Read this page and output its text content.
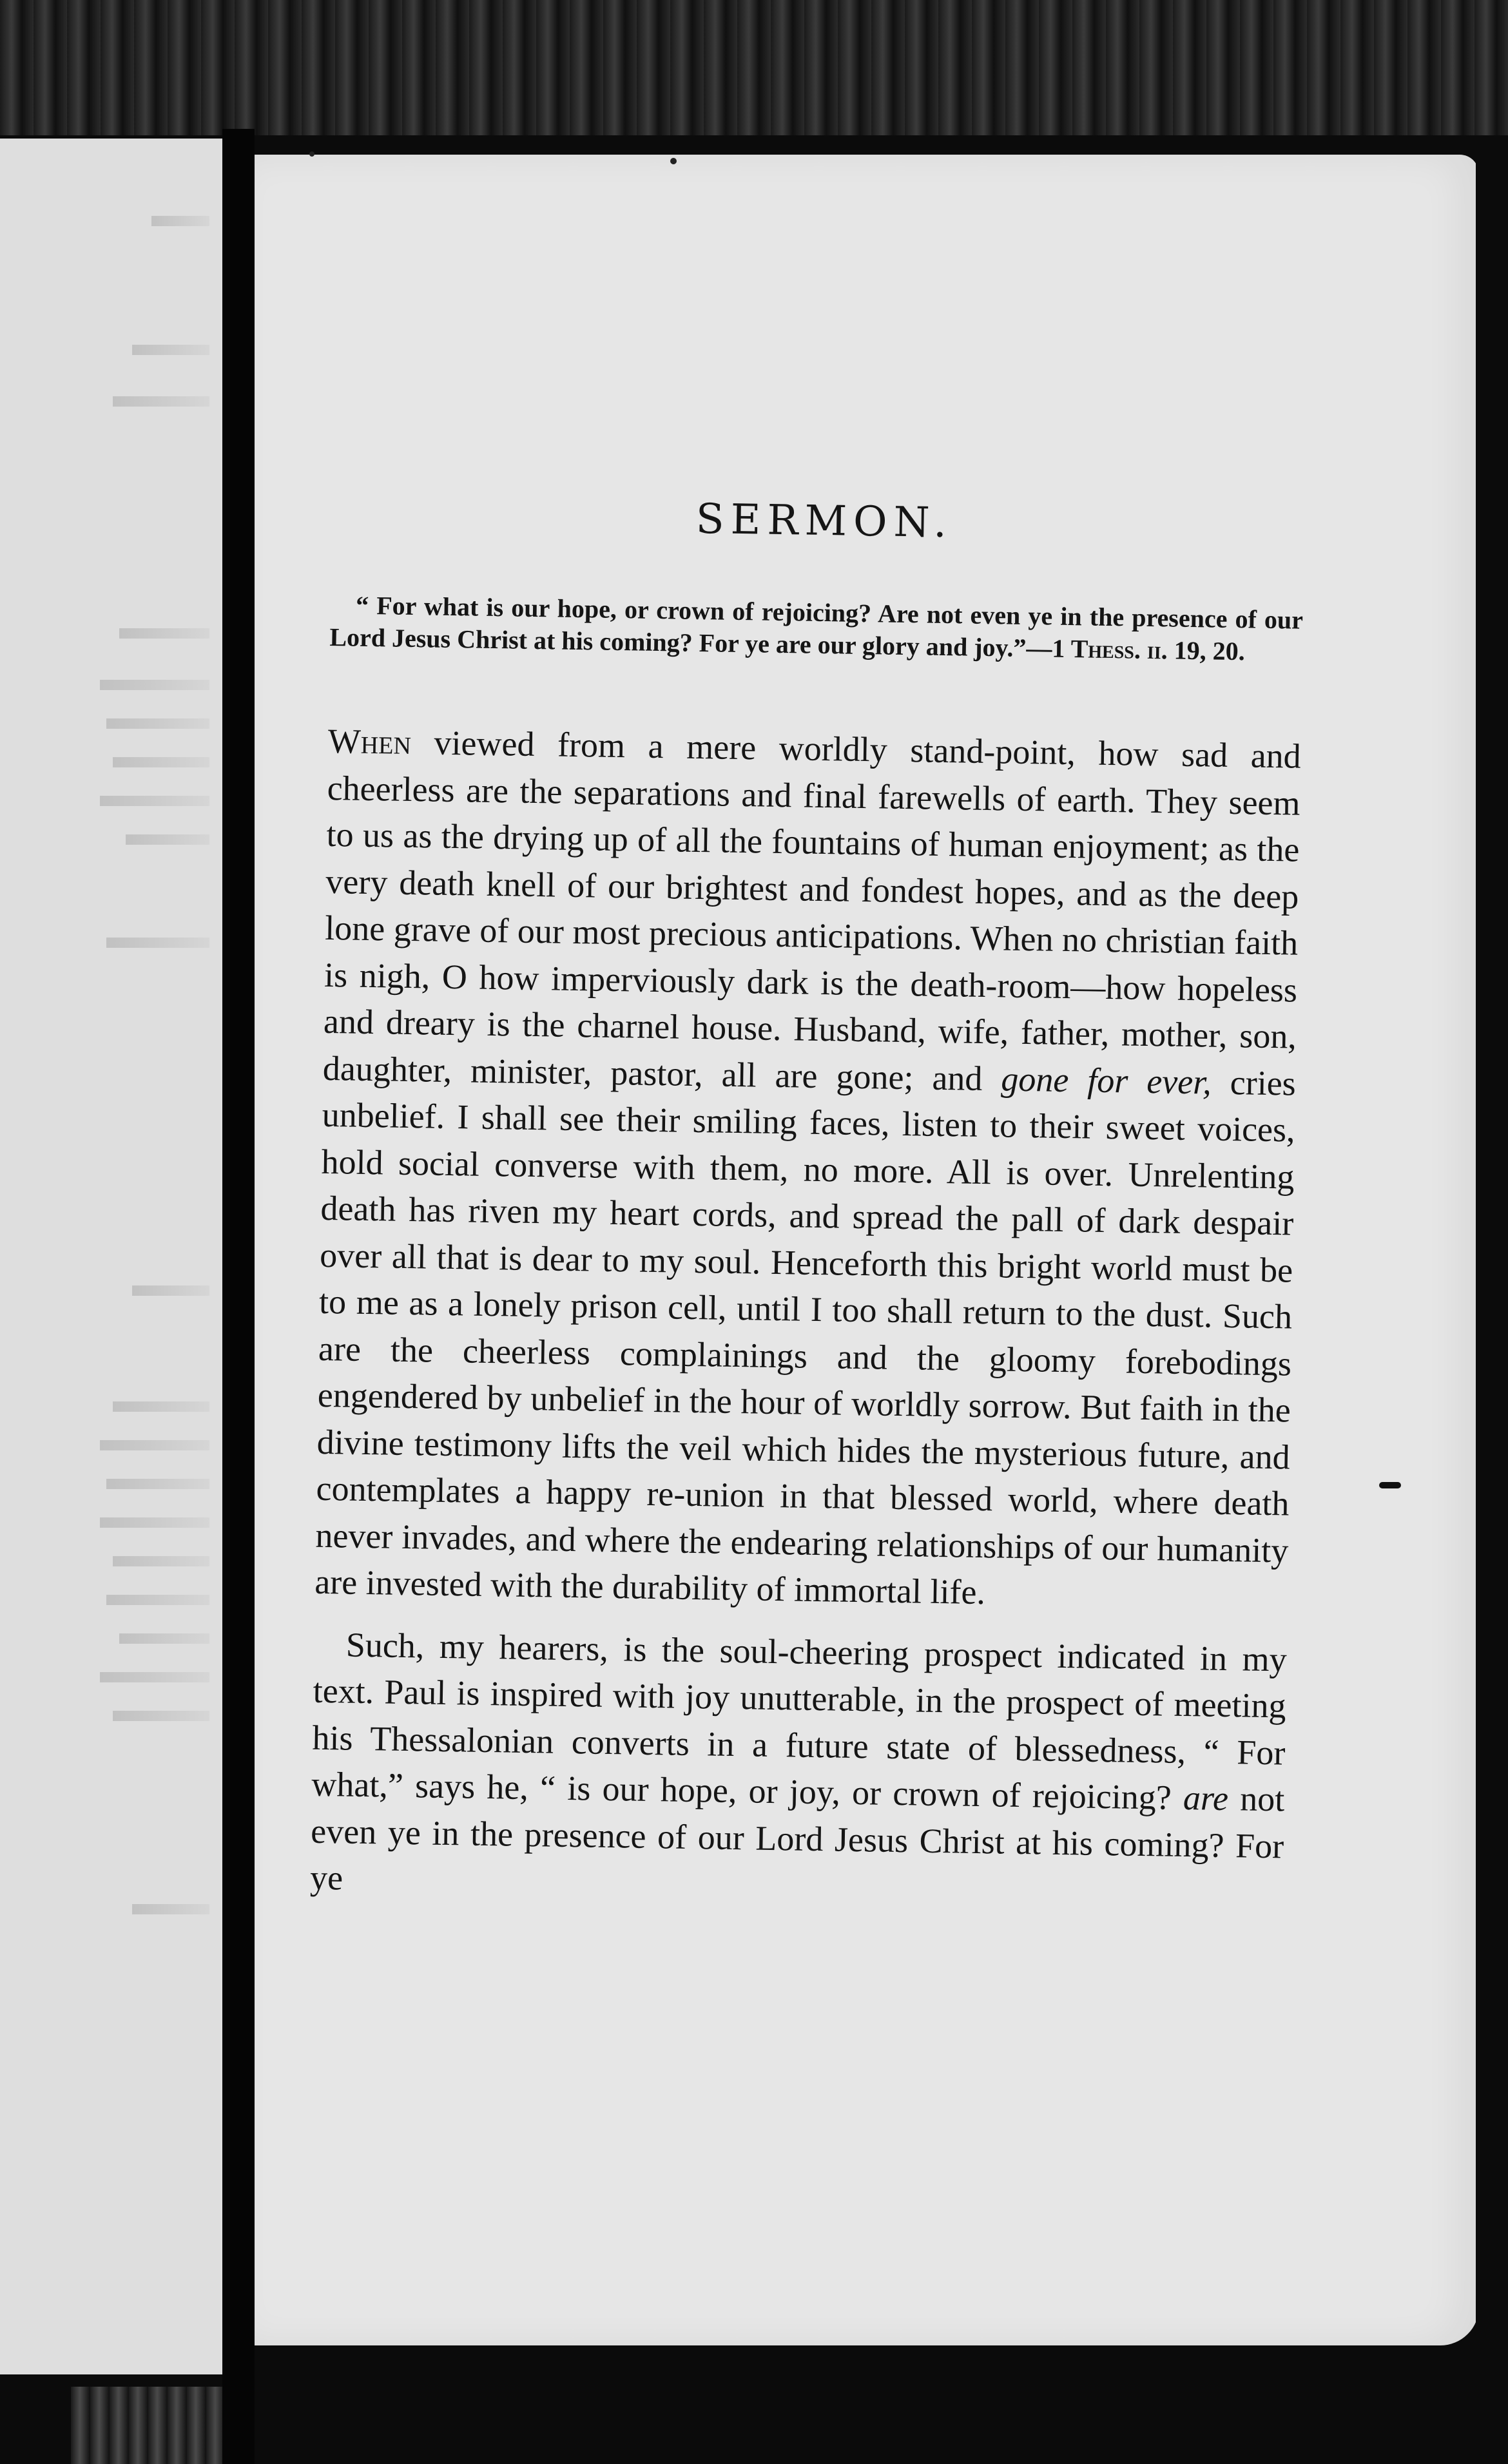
SERMON.

“ For what is our hope, or crown of rejoicing? Are not even ye in the presence of our Lord Jesus Christ at his coming? For ye are our glory and joy.”—1 Thess. ii. 19, 20.

When viewed from a mere worldly stand-point, how sad and cheerless are the separations and final farewells of earth. They seem to us as the drying up of all the fountains of human enjoyment; as the very death knell of our brightest and fondest hopes, and as the deep lone grave of our most precious anticipations. When no christian faith is nigh, O how imperviously dark is the death-room—how hopeless and dreary is the charnel house. Husband, wife, father, mother, son, daughter, minister, pastor, all are gone; and gone for ever, cries unbelief. I shall see their smiling faces, listen to their sweet voices, hold social converse with them, no more. All is over. Unrelenting death has riven my heart cords, and spread the pall of dark despair over all that is dear to my soul. Henceforth this bright world must be to me as a lonely prison cell, until I too shall return to the dust. Such are the cheerless complainings and the gloomy forebodings engendered by unbelief in the hour of worldly sorrow. But faith in the divine testimony lifts the veil which hides the mysterious future, and contemplates a happy re-union in that blessed world, where death never invades, and where the endearing relationships of our humanity are invested with the durability of immortal life.

Such, my hearers, is the soul-cheering prospect indicated in my text. Paul is inspired with joy unutterable, in the prospect of meeting his Thessalonian converts in a future state of blessedness, “ For what,” says he, “ is our hope, or joy, or crown of rejoicing? are not even ye in the presence of our Lord Jesus Christ at his coming? For ye
